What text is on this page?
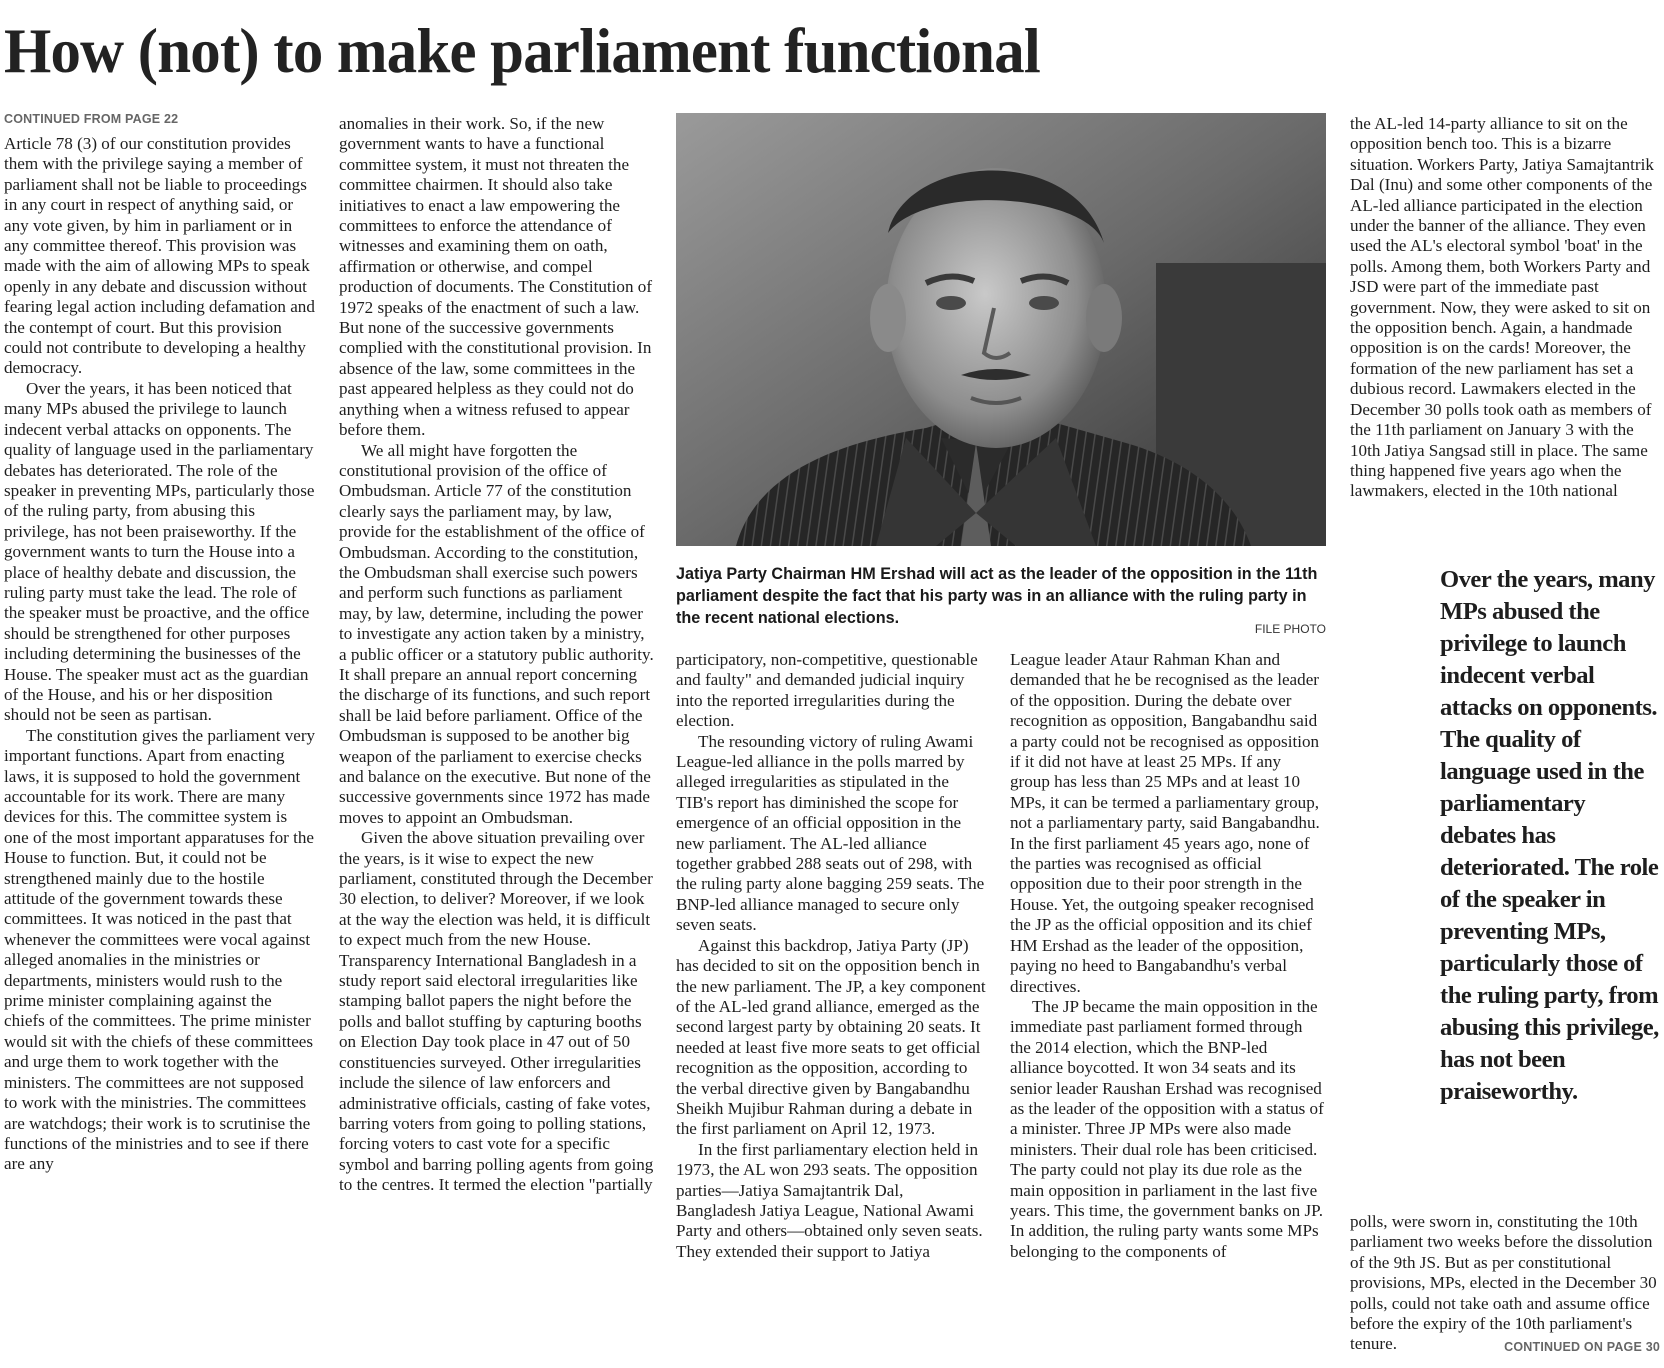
How (not) to make parliament functional
CONTINUED FROM PAGE 22

Article 78 (3) of our constitution provides them with the privilege saying a member of parliament shall not be liable to proceedings in any court in respect of anything said, or any vote given, by him in parliament or in any committee thereof. This provision was made with the aim of allowing MPs to speak openly in any debate and discussion without fearing legal action including defamation and the contempt of court. But this provision could not contribute to developing a healthy democracy.

Over the years, it has been noticed that many MPs abused the privilege to launch indecent verbal attacks on opponents. The quality of language used in the parliamentary debates has deteriorated. The role of the speaker in preventing MPs, particularly those of the ruling party, from abusing this privilege, has not been praiseworthy. If the government wants to turn the House into a place of healthy debate and discussion, the ruling party must take the lead. The role of the speaker must be proactive, and the office should be strengthened for other purposes including determining the businesses of the House. The speaker must act as the guardian of the House, and his or her disposition should not be seen as partisan.

The constitution gives the parliament very important functions. Apart from enacting laws, it is supposed to hold the government accountable for its work. There are many devices for this. The committee system is one of the most important apparatuses for the House to function. But, it could not be strengthened mainly due to the hostile attitude of the government towards these committees. It was noticed in the past that whenever the committees were vocal against alleged anomalies in the ministries or departments, ministers would rush to the prime minister complaining against the chiefs of the committees. The prime minister would sit with the chiefs of these committees and urge them to work together with the ministers. The committees are not supposed to work with the ministries. The committees are watchdogs; their work is to scrutinise the functions of the ministries and to see if there are any

anomalies in their work. So, if the new government wants to have a functional committee system, it must not threaten the committee chairmen. It should also take initiatives to enact a law empowering the committees to enforce the attendance of witnesses and examining them on oath, affirmation or otherwise, and compel production of documents. The Constitution of 1972 speaks of the enactment of such a law. But none of the successive governments complied with the constitutional provision. In absence of the law, some committees in the past appeared helpless as they could not do anything when a witness refused to appear before them.

We all might have forgotten the constitutional provision of the office of Ombudsman. Article 77 of the constitution clearly says the parliament may, by law, provide for the establishment of the office of Ombudsman. According to the constitution, the Ombudsman shall exercise such powers and perform such functions as parliament may, by law, determine, including the power to investigate any action taken by a ministry, a public officer or a statutory public authority. It shall prepare an annual report concerning the discharge of its functions, and such report shall be laid before parliament. Office of the Ombudsman is supposed to be another big weapon of the parliament to exercise checks and balance on the executive. But none of the successive governments since 1972 has made moves to appoint an Ombudsman.

Given the above situation prevailing over the years, is it wise to expect the new parliament, constituted through the December 30 election, to deliver? Moreover, if we look at the way the election was held, it is difficult to expect much from the new House. Transparency International Bangladesh in a study report said electoral irregularities like stamping ballot papers the night before the polls and ballot stuffing by capturing booths on Election Day took place in 47 out of 50 constituencies surveyed. Other irregularities include the silence of law enforcers and administrative officials, casting of fake votes, barring voters from going to polling stations, forcing voters to cast vote for a specific symbol and barring polling agents from going to the centres. It termed the election "partially

Jatiya Party Chairman HM Ershad will act as the leader of the opposition in the 11th parliament despite the fact that his party was in an alliance with the ruling party in the recent national elections.
FILE PHOTO

participatory, non-competitive, questionable and faulty" and demanded judicial inquiry into the reported irregularities during the election.

The resounding victory of ruling Awami League-led alliance in the polls marred by alleged irregularities as stipulated in the TIB's report has diminished the scope for emergence of an official opposition in the new parliament. The AL-led alliance together grabbed 288 seats out of 298, with the ruling party alone bagging 259 seats. The BNP-led alliance managed to secure only seven seats.

Against this backdrop, Jatiya Party (JP) has decided to sit on the opposition bench in the new parliament. The JP, a key component of the AL-led grand alliance, emerged as the second largest party by obtaining 20 seats. It needed at least five more seats to get official recognition as the opposition, according to the verbal directive given by Bangabandhu Sheikh Mujibur Rahman during a debate in the first parliament on April 12, 1973.

In the first parliamentary election held in 1973, the AL won 293 seats. The opposition parties—Jatiya Samajtantrik Dal, Bangladesh Jatiya League, National Awami Party and others—obtained only seven seats. They extended their support to Jatiya

League leader Ataur Rahman Khan and demanded that he be recognised as the leader of the opposition. During the debate over recognition as opposition, Bangabandhu said a party could not be recognised as opposition if it did not have at least 25 MPs. If any group has less than 25 MPs and at least 10 MPs, it can be termed a parliamentary group, not a parliamentary party, said Bangabandhu. In the first parliament 45 years ago, none of the parties was recognised as official opposition due to their poor strength in the House. Yet, the outgoing speaker recognised the JP as the official opposition and its chief HM Ershad as the leader of the opposition, paying no heed to Bangabandhu's verbal directives.

The JP became the main opposition in the immediate past parliament formed through the 2014 election, which the BNP-led alliance boycotted. It won 34 seats and its senior leader Raushan Ershad was recognised as the leader of the opposition with a status of a minister. Three JP MPs were also made ministers. Their dual role has been criticised. The party could not play its due role as the main opposition in parliament in the last five years. This time, the government banks on JP. In addition, the ruling party wants some MPs belonging to the components of

the AL-led 14-party alliance to sit on the opposition bench too. This is a bizarre situation. Workers Party, Jatiya Samajtantrik Dal (Inu) and some other components of the AL-led alliance participated in the election under the banner of the alliance. They even used the AL's electoral symbol 'boat' in the polls. Among them, both Workers Party and JSD were part of the immediate past government. Now, they were asked to sit on the opposition bench. Again, a handmade opposition is on the cards! Moreover, the formation of the new parliament has set a dubious record. Lawmakers elected in the December 30 polls took oath as members of the 11th parliament on January 3 with the 10th Jatiya Sangsad still in place. The same thing happened five years ago when the lawmakers, elected in the 10th national

Over the years, many MPs abused the privilege to launch indecent verbal attacks on opponents. The quality of language used in the parliamentary debates has deteriorated. The role of the speaker in preventing MPs, particularly those of the ruling party, from abusing this privilege, has not been praiseworthy.

polls, were sworn in, constituting the 10th parliament two weeks before the dissolution of the 9th JS. But as per constitutional provisions, MPs, elected in the December 30 polls, could not take oath and assume office before the expiry of the 10th parliament's tenure.	CONTINUED ON PAGE 30
